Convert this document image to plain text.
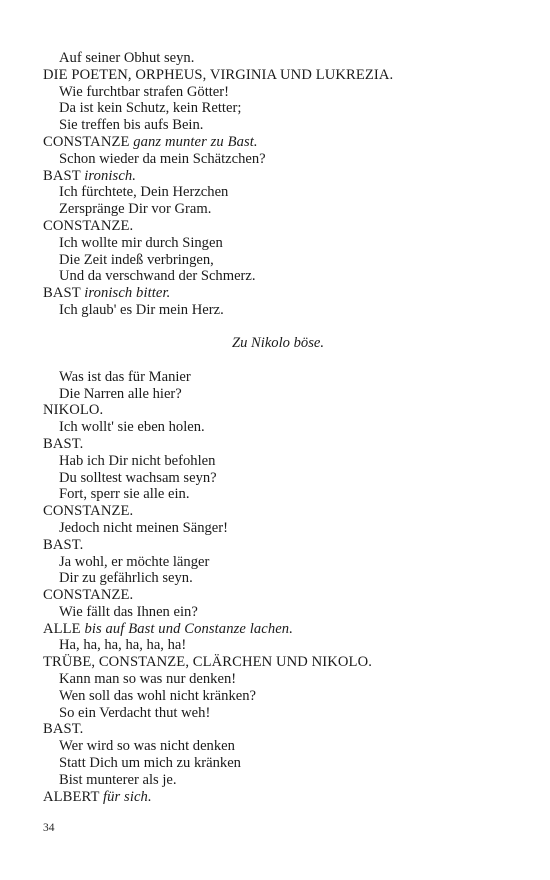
Auf seiner Obhut seyn.
DIE POETEN, ORPHEUS, VIRGINIA UND LUKREZIA.
Wie furchtbar strafen Götter!
Da ist kein Schutz, kein Retter;
Sie treffen bis aufs Bein.
CONSTANZE ganz munter zu Bast.
Schon wieder da mein Schätzchen?
BAST ironisch.
Ich fürchtete, Dein Herzchen
Zerspränge Dir vor Gram.
CONSTANZE.
Ich wollte mir durch Singen
Die Zeit indeß verbringen,
Und da verschwand der Schmerz.
BAST ironisch bitter.
Ich glaub' es Dir mein Herz.
Zu Nikolo böse.
Was ist das für Manier
Die Narren alle hier?
NIKOLO.
Ich wollt' sie eben holen.
BAST.
Hab ich Dir nicht befohlen
Du solltest wachsam seyn?
Fort, sperr sie alle ein.
CONSTANZE.
Jedoch nicht meinen Sänger!
BAST.
Ja wohl, er möchte länger
Dir zu gefährlich seyn.
CONSTANZE.
Wie fällt das Ihnen ein?
ALLE bis auf Bast und Constanze lachen.
Ha, ha, ha, ha, ha, ha!
TRÜBE, CONSTANZE, CLÄRCHEN UND NIKOLO.
Kann man so was nur denken!
Wen soll das wohl nicht kränken?
So ein Verdacht thut weh!
BAST.
Wer wird so was nicht denken
Statt Dich um mich zu kränken
Bist munterer als je.
ALBERT für sich.
34
